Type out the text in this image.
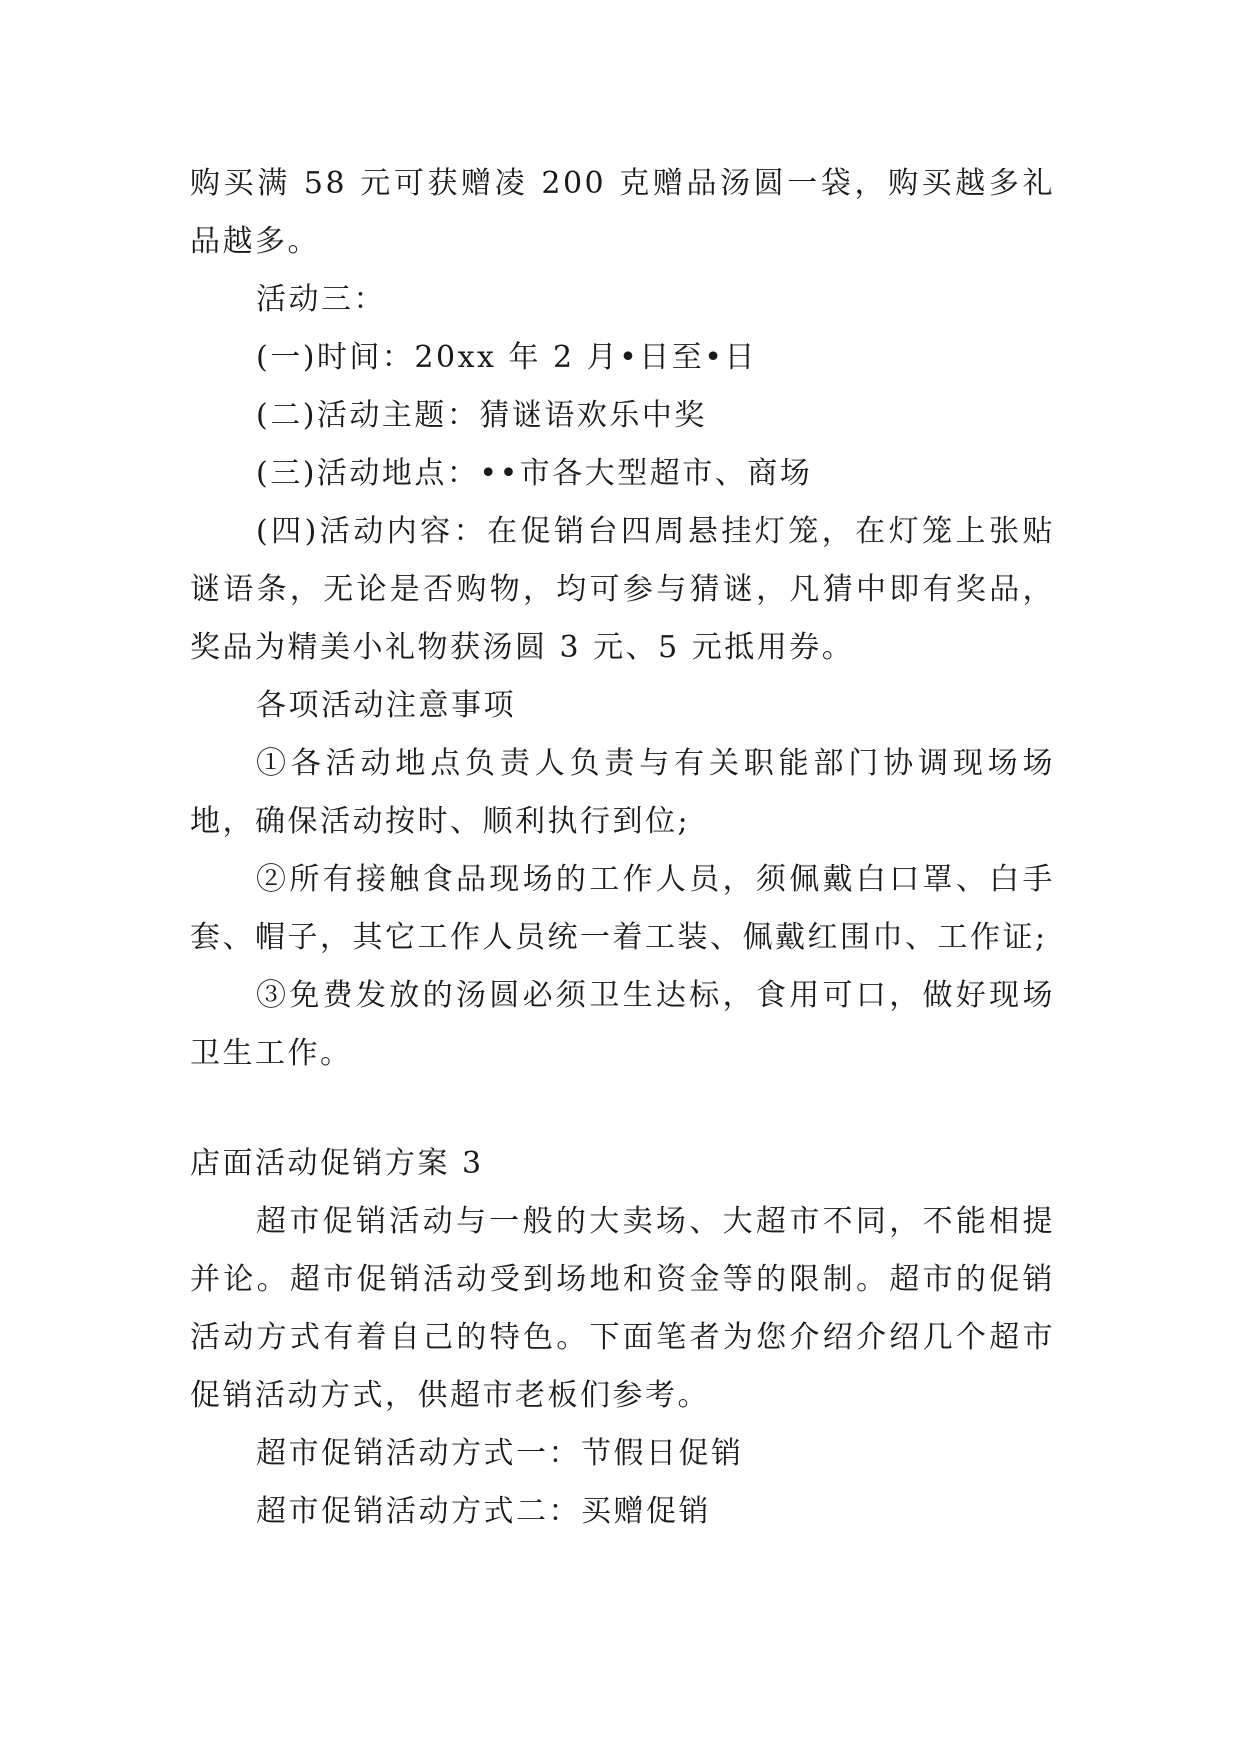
购买满 58 元可获赠凌 200 克赠品汤圆一袋，购买越多礼品越多。

活动三：

(一)时间：20xx 年 2 月•日至•日

(二)活动主题：猜谜语欢乐中奖

(三)活动地点：••市各大型超市、商场

(四)活动内容：在促销台四周悬挂灯笼，在灯笼上张贴谜语条，无论是否购物，均可参与猜谜，凡猜中即有奖品，奖品为精美小礼物获汤圆 3 元、5 元抵用券。

各项活动注意事项

①各活动地点负责人负责与有关职能部门协调现场场地，确保活动按时、顺利执行到位;

②所有接触食品现场的工作人员，须佩戴白口罩、白手套、帽子，其它工作人员统一着工装、佩戴红围巾、工作证;

③免费发放的汤圆必须卫生达标，食用可口，做好现场卫生工作。

店面活动促销方案 3

超市促销活动与一般的大卖场、大超市不同，不能相提并论。超市促销活动受到场地和资金等的限制。超市的促销活动方式有着自己的特色。下面笔者为您介绍介绍几个超市促销活动方式，供超市老板们参考。

超市促销活动方式一：节假日促销

超市促销活动方式二：买赠促销
